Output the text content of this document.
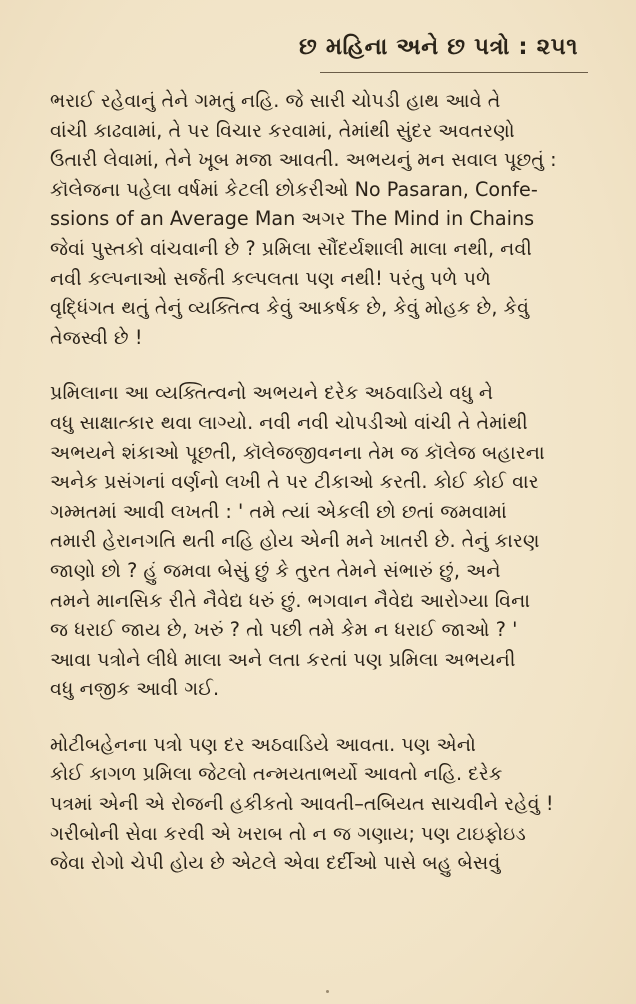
છ મહિના અને છ પત્રો : ૨૫૧
ભરાઈ રહેવાનું તેને ગમતું નહિ. જે સારી ચોપડી હાથ આવે તે
વાંચી કાઢવામાં, તે પર વિચાર કરવામાં, તેમાંથી સુંદર અવતરણો
ઉતારી લેવામાં, તેને ખૂબ મજા આવતી. અભયનું મન સવાલ પૂછતું :
કૉલેજના પહેલા વર્ષમાં કેટલી છોકરીઓ No Pasaran, Confe-
ssions of an Average Man અગર The Mind in Chains
જેવાં પુસ્તકો વાંચવાની છે ? પ્રમિલા સૌંદર્યશાલી માલા નથી, નવી
નવી કલ્પનાઓ સર્જતી કલ્પલતા પણ નથી! પરંતુ પળે પળે
વૃદ્ધિંગત થતું તેનું વ્યક્તિત્વ કેવું આકર્ષક છે, કેવું મોહક છે, કેવું
તેજસ્વી છે !
પ્રમિલાના આ વ્યક્તિત્વનો અભયને દરેક અઠવાડિયે વધુ ને
વધુ સાક્ષાત્કાર થવા લાગ્યો. નવી નવી ચોપડીઓ વાંચી તે તેમાંથી
અભયને શંકાઓ પૂછતી, કૉલેજજીવનના તેમ જ કૉલેજ બહારના
અનેક પ્રસંગનાં વર્ણનો લખી તે પર ટીકાઓ કરતી. કોઈ કોઈ વાર
ગમ્મતમાં આવી લખતી : ' તમે ત્યાં એકલી છો છતાં જમવામાં
તમારી હેરાનગતિ થતી નહિ હોય એની મને ખાતરી છે. તેનું કારણ
જાણો છો ? હું જમવા બેસું છું કે તુરત તેમને સંભારું છું, અને
તમને માનસિક રીતે નૈવેદ્ય ધરું છું. ભગવાન નૈવેદ્ય આરોગ્યા વિના
જ ધરાઈ જાય છે, ખરું ? તો પછી તમે કેમ ન ધરાઈ જાઓ ? '
આવા પત્રોને લીધે માલા અને લતા કરતાં પણ પ્રમિલા અભયની
વધુ નજીક આવી ગઈ.
મોટીબહેનના પત્રો પણ દર અઠવાડિયે આવતા. પણ એનો
કોઈ કાગળ પ્રમિલા જેટલો તન્મયતાભર્યો આવતો નહિ. દરેક
પત્રમાં એની એ રોજની હકીકતો આવતી–તબિયત સાચવીને રહેવું !
ગરીબોની સેવા કરવી એ ખરાબ તો ન જ ગણાય; પણ ટાઇફોઇડ
જેવા રોગો ચેપી હોય છે એટલે એવા દર્દીઓ પાસે બહુ બેસવું
